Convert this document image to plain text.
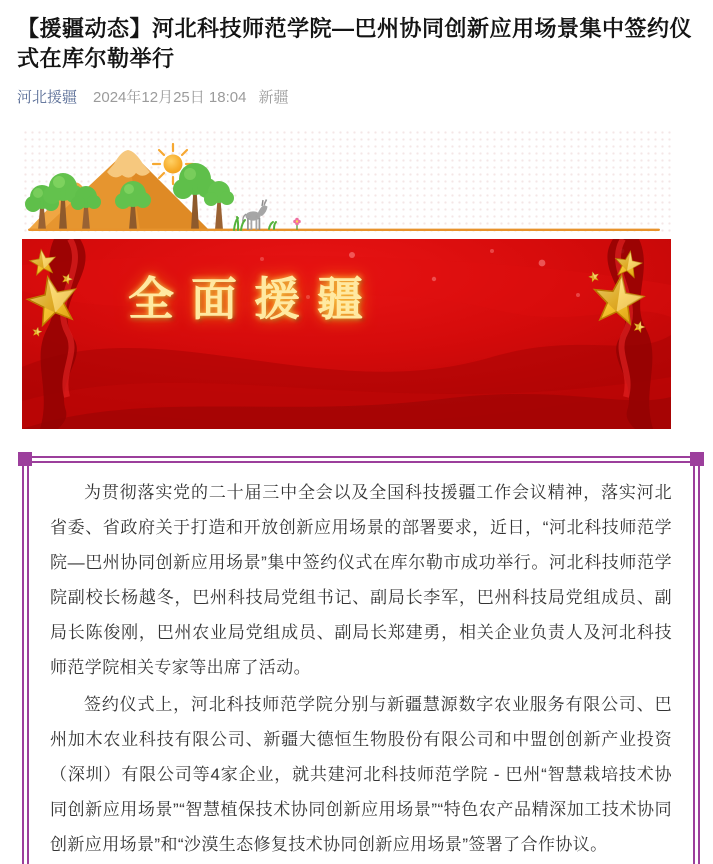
【援疆动态】河北科技师范学院—巴州协同创新应用场景集中签约仪式在库尔勒举行
河北援疆 2024年12月25日 18:04 新疆
全面援疆

为贯彻落实党的二十届三中全会以及全国科技援疆工作会议精神，落实河北省委、省政府关于打造和开放创新应用场景的部署要求，近日，“河北科技师范学院—巴州协同创新应用场景”集中签约仪式在库尔勒市成功举行。河北科技师范学院副校长杨越冬，巴州科技局党组书记、副局长李军，巴州科技局党组成员、副局长陈俊刚，巴州农业局党组成员、副局长郑建勇，相关企业负责人及河北科技师范学院相关专家等出席了活动。

签约仪式上，河北科技师范学院分别与新疆慧源数字农业服务有限公司、巴州加木农业科技有限公司、新疆大德恒生物股份有限公司和中盟创创新产业投资（深圳）有限公司等4家企业，就共建河北科技师范学院 - 巴州“智慧栽培技术协同创新应用场景”“智慧植保技术协同创新应用场景”“特色农产品精深加工技术协同创新应用场景”和“沙漠生态修复技术协同创新应用场景”签署了合作协议。
